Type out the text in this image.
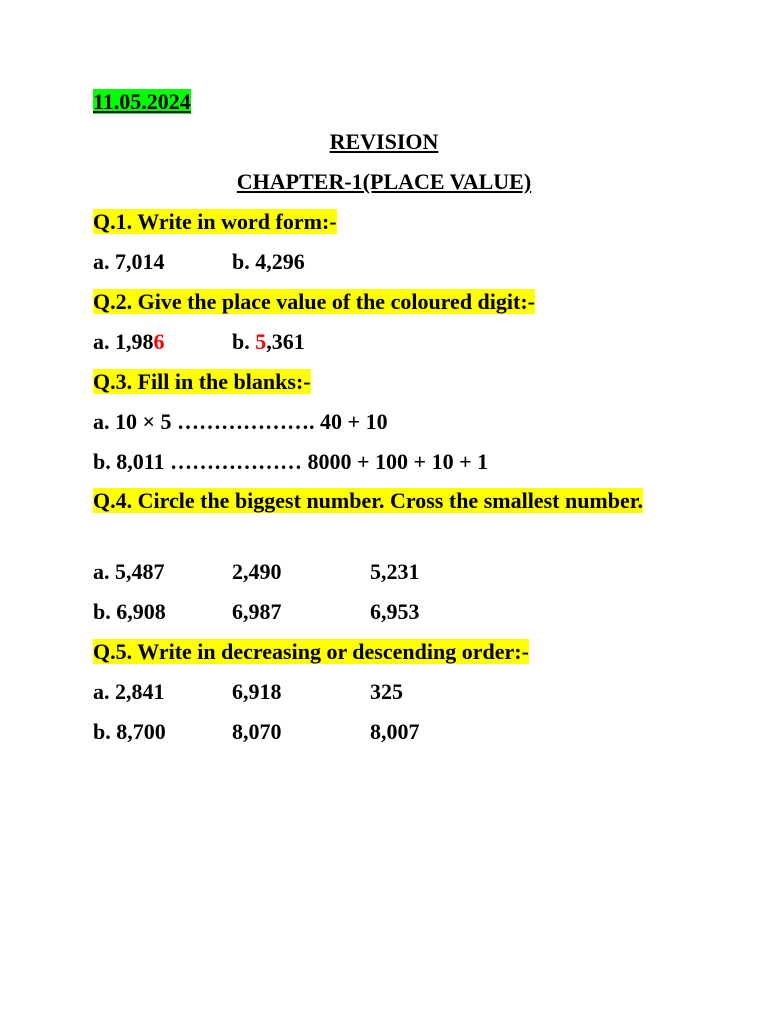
11.05.2024
REVISION
CHAPTER-1(PLACE VALUE)
Q.1. Write in word form:-
a. 7,014	b. 4,296
Q.2. Give the place value of the coloured digit:-
a. 1,986	b. 5,361
Q.3. Fill in the blanks:-
a. 10 × 5 ………………. 40 + 10
b. 8,011 ……………… 8000 + 100 + 10 + 1
Q.4. Circle the biggest number. Cross the smallest number.
a. 5,487	2,490	5,231
b. 6,908	6,987	6,953
Q.5. Write in decreasing or descending order:-
a. 2,841	6,918	325
b. 8,700	8,070	8,007
